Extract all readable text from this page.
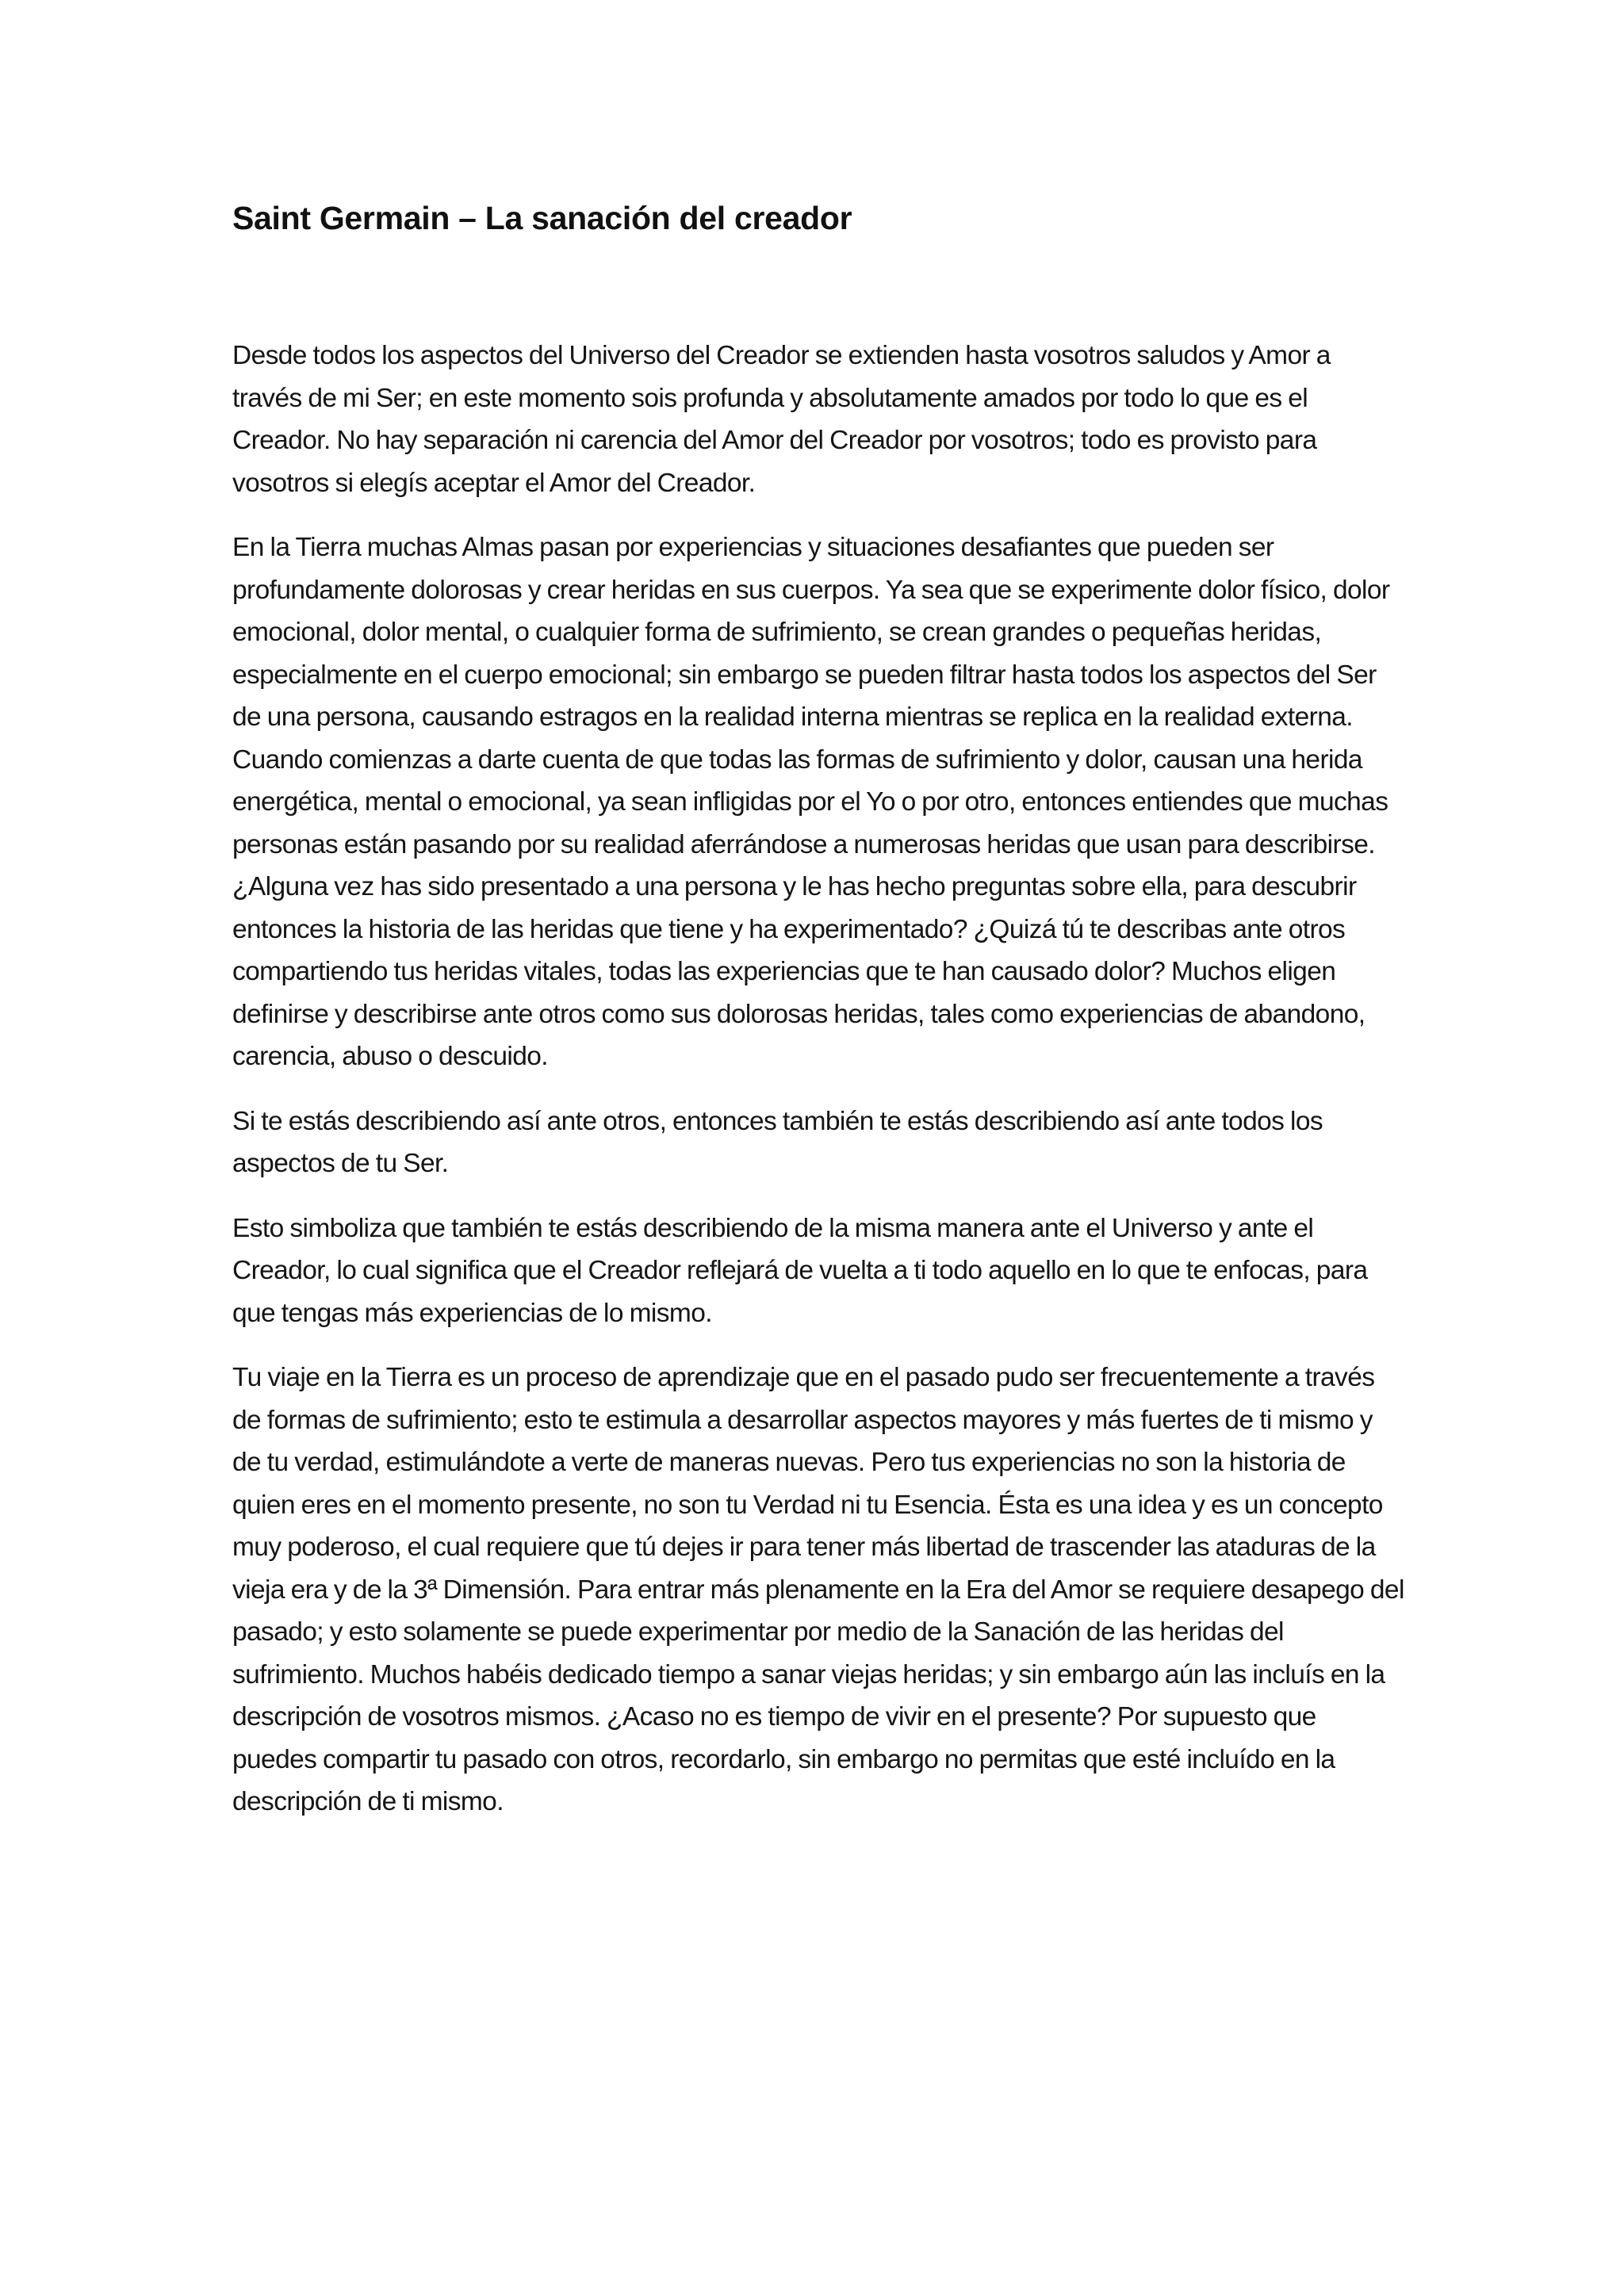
Saint Germain – La sanación del creador

Desde todos los aspectos del Universo del Creador se extienden hasta vosotros saludos y Amor a través de mi Ser; en este momento sois profunda y absolutamente amados por todo lo que es el Creador. No hay separación ni carencia del Amor del Creador por vosotros; todo es provisto para vosotros si elegís aceptar el Amor del Creador.

En la Tierra muchas Almas pasan por experiencias y situaciones desafiantes que pueden ser profundamente dolorosas y crear heridas en sus cuerpos. Ya sea que se experimente dolor físico, dolor emocional, dolor mental, o cualquier forma de sufrimiento, se crean grandes o pequeñas heridas, especialmente en el cuerpo emocional; sin embargo se pueden filtrar hasta todos los aspectos del Ser de una persona, causando estragos en la realidad interna mientras se replica en la realidad externa. Cuando comienzas a darte cuenta de que todas las formas de sufrimiento y dolor, causan una herida energética, mental o emocional, ya sean infligidas por el Yo o por otro, entonces entiendes que muchas personas están pasando por su realidad aferrándose a numerosas heridas que usan para describirse. ¿Alguna vez has sido presentado a una persona y le has hecho preguntas sobre ella, para descubrir entonces la historia de las heridas que tiene y ha experimentado? ¿Quizá tú te describas ante otros compartiendo tus heridas vitales, todas las experiencias que te han causado dolor? Muchos eligen definirse y describirse ante otros como sus dolorosas heridas, tales como experiencias de abandono, carencia, abuso o descuido.

Si te estás describiendo así ante otros, entonces también te estás describiendo así ante todos los aspectos de tu Ser.

Esto simboliza que también te estás describiendo de la misma manera ante el Universo y ante el Creador, lo cual significa que el Creador reflejará de vuelta a ti todo aquello en lo que te enfocas, para que tengas más experiencias de lo mismo.

Tu viaje en la Tierra es un proceso de aprendizaje que en el pasado pudo ser frecuentemente a través de formas de sufrimiento; esto te estimula a desarrollar aspectos mayores y más fuertes de ti mismo y de tu verdad, estimulándote a verte de maneras nuevas. Pero tus experiencias no son la historia de quien eres en el momento presente, no son tu Verdad ni tu Esencia. Ésta es una idea y es un concepto muy poderoso, el cual requiere que tú dejes ir para tener más libertad de trascender las ataduras de la vieja era y de la 3ª Dimensión. Para entrar más plenamente en la Era del Amor se requiere desapego del pasado; y esto solamente se puede experimentar por medio de la Sanación de las heridas del sufrimiento. Muchos habéis dedicado tiempo a sanar viejas heridas; y sin embargo aún las incluís en la descripción de vosotros mismos. ¿Acaso no es tiempo de vivir en el presente? Por supuesto que puedes compartir tu pasado con otros, recordarlo, sin embargo no permitas que esté incluído en la descripción de ti mismo.
